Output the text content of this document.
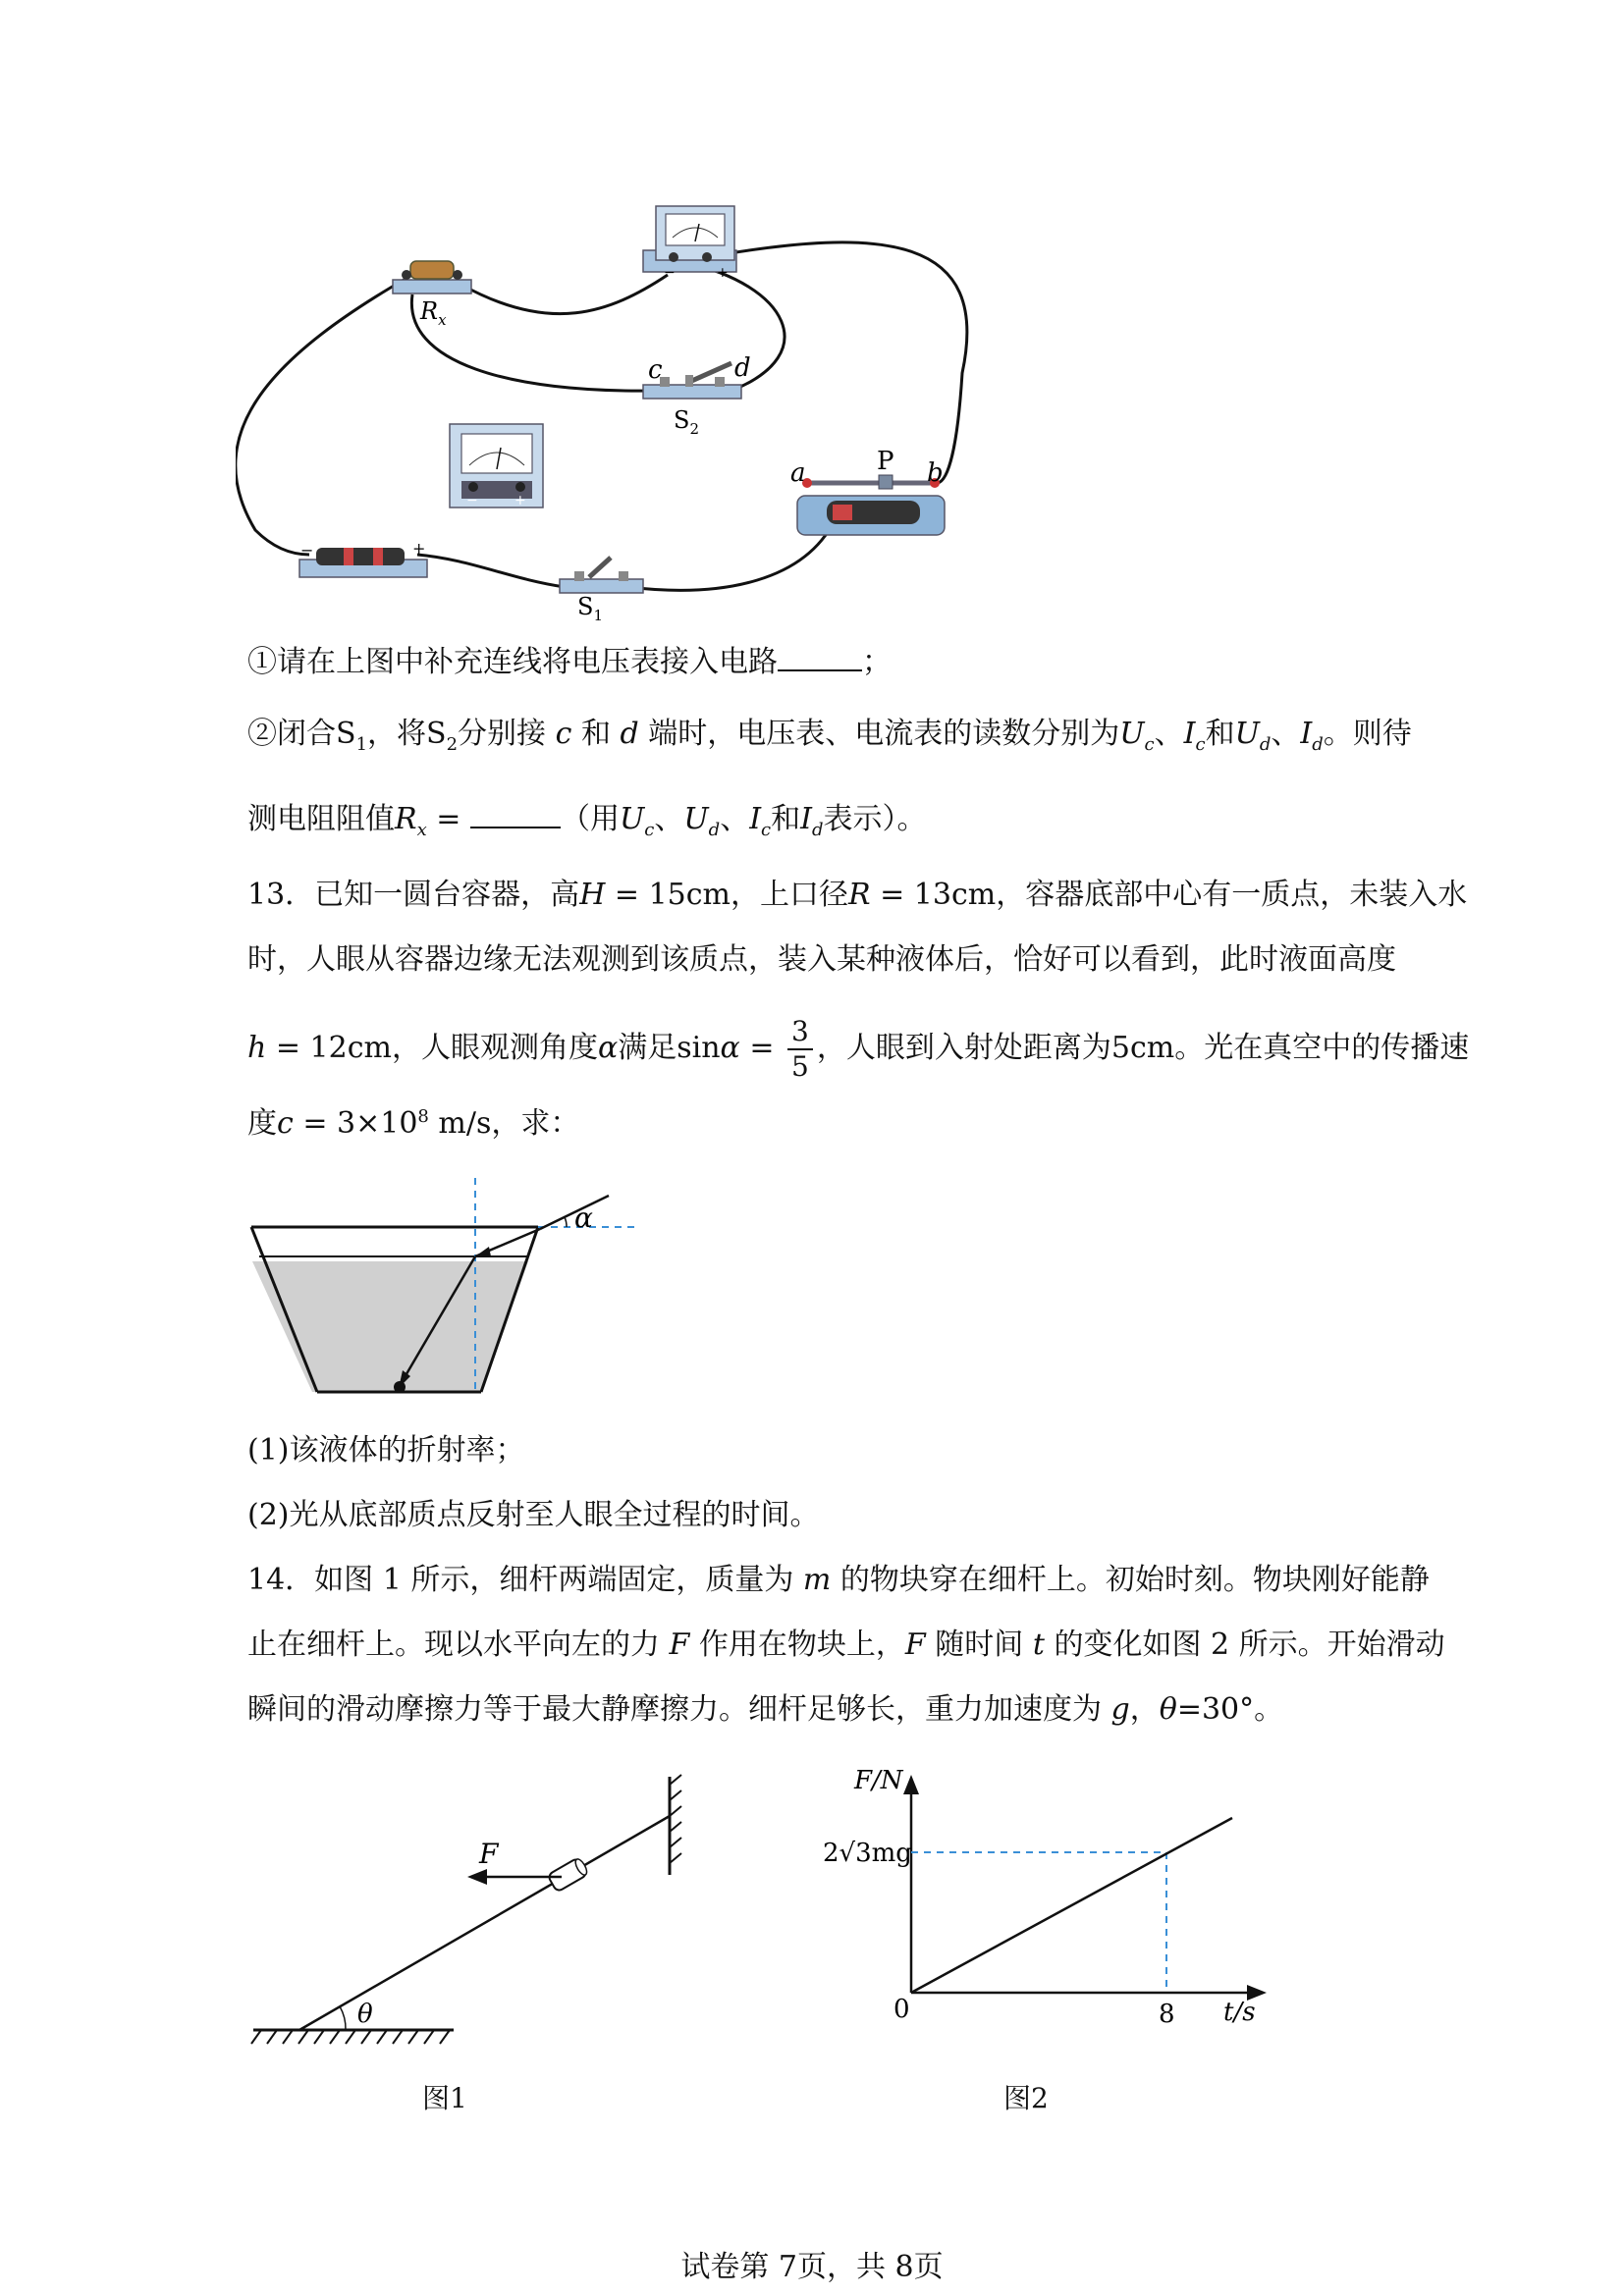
$R_x$
−	+
c	d
$S_2$
−	+
a	P b
−	+
$S_1$
①请在上图中补充连线将电压表接入电路	；
②闭合$S_1$，将$S_2$分别接 c 和 d 端时，电压表、电流表的读数分别为$U_c$、$I_c$和$U_d$、$I_d$。则待
测电阻阻值$R_x$ =	（用$U_c$、$U_d$、$I_c$和$I_d$表示）。
13．已知一圆台容器，高H = 15cm，上口径R = 13cm，容器底部中心有一质点，未装入水
时，人眼从容器边缘无法观测到该质点，装入某种液体后，恰好可以看到，此时液面高度
h = 12cm，人眼观测角度α满足$\sin\alpha = \frac{3}{5}$ ，人眼到入射处距离为5cm。光在真空中的传播速
度$c = 3\times 10^8$ m/s，求：
α
(1)该液体的折射率；
(2)光从底部质点反射至人眼全过程的时间。
14．如图 1 所示，细杆两端固定，质量为 m 的物块穿在细杆上。初始时刻。物块刚好能静
止在细杆上。现以水平向左的力 F 作用在物块上，F 随时间 t 的变化如图 2 所示。开始滑动
瞬间的滑动摩擦力等于最大静摩擦力。细杆足够长，重力加速度为 g，θ=30°。
F
θ
图1
F/N
2√3mg
0	8 t/s
图2
试卷第 7页，共 8页
